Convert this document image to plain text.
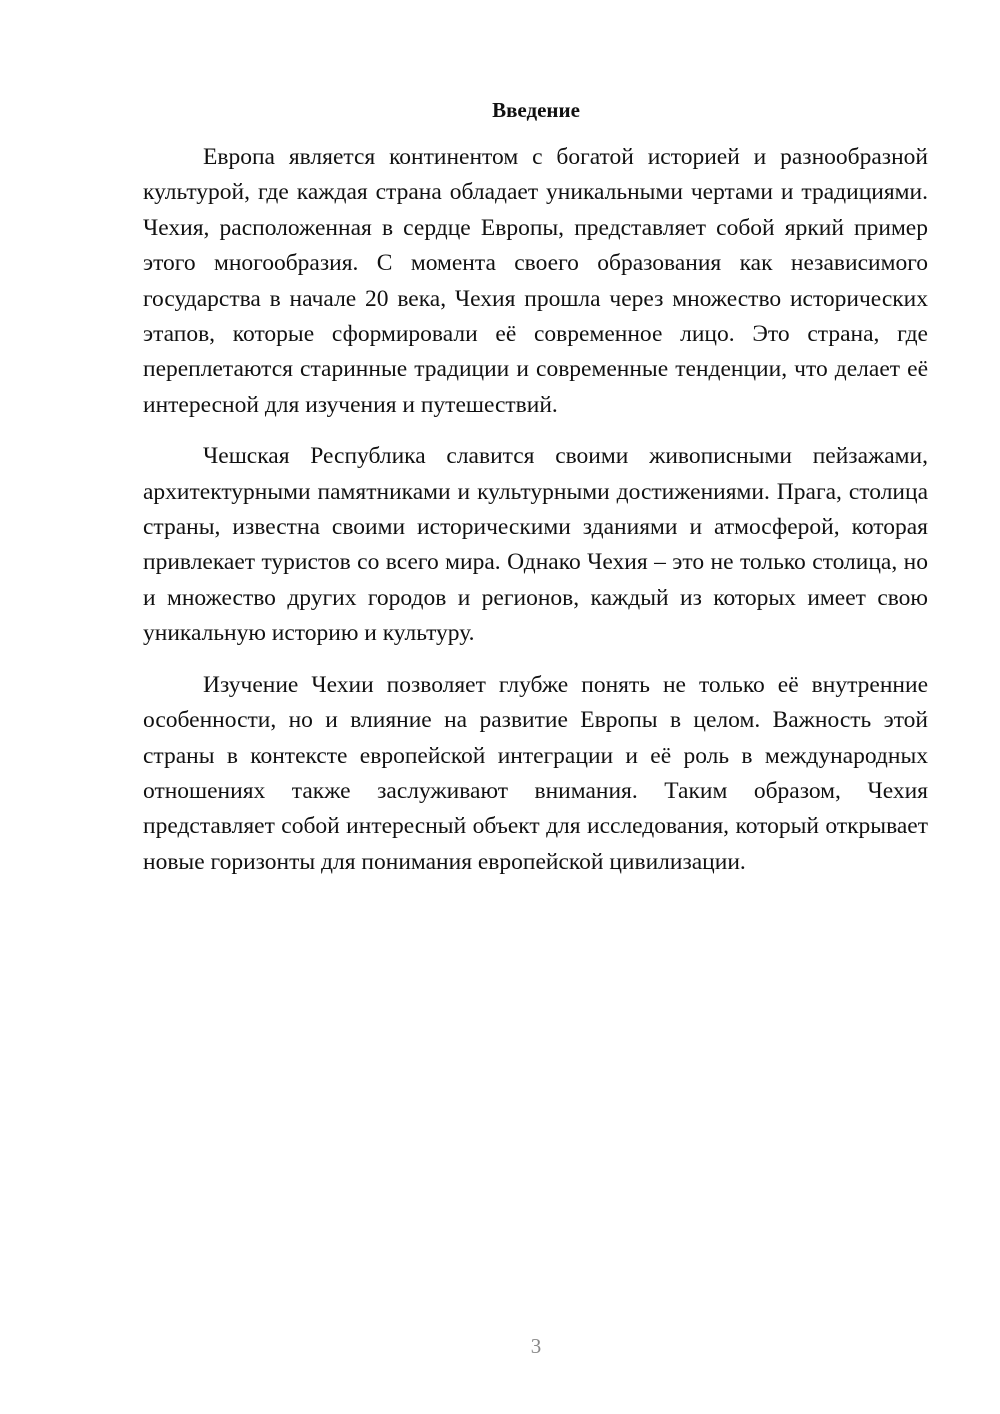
Введение

Европа является континентом с богатой историей и разнообразной культурой, где каждая страна обладает уникальными чертами и традициями. Чехия, расположенная в сердце Европы, представляет собой яркий пример этого многообразия. С момента своего образования как независимого государства в начале 20 века, Чехия прошла через множество исторических этапов, которые сформировали её современное лицо. Это страна, где переплетаются старинные традиции и современные тенденции, что делает её интересной для изучения и путешествий.

Чешская Республика славится своими живописными пейзажами, архитектурными памятниками и культурными достижениями. Прага, столица страны, известна своими историческими зданиями и атмосферой, которая привлекает туристов со всего мира. Однако Чехия – это не только столица, но и множество других городов и регионов, каждый из которых имеет свою уникальную историю и культуру.

Изучение Чехии позволяет глубже понять не только её внутренние особенности, но и влияние на развитие Европы в целом. Важность этой страны в контексте европейской интеграции и её роль в международных отношениях также заслуживают внимания. Таким образом, Чехия представляет собой интересный объект для исследования, который открывает новые горизонты для понимания европейской цивилизации.

3
